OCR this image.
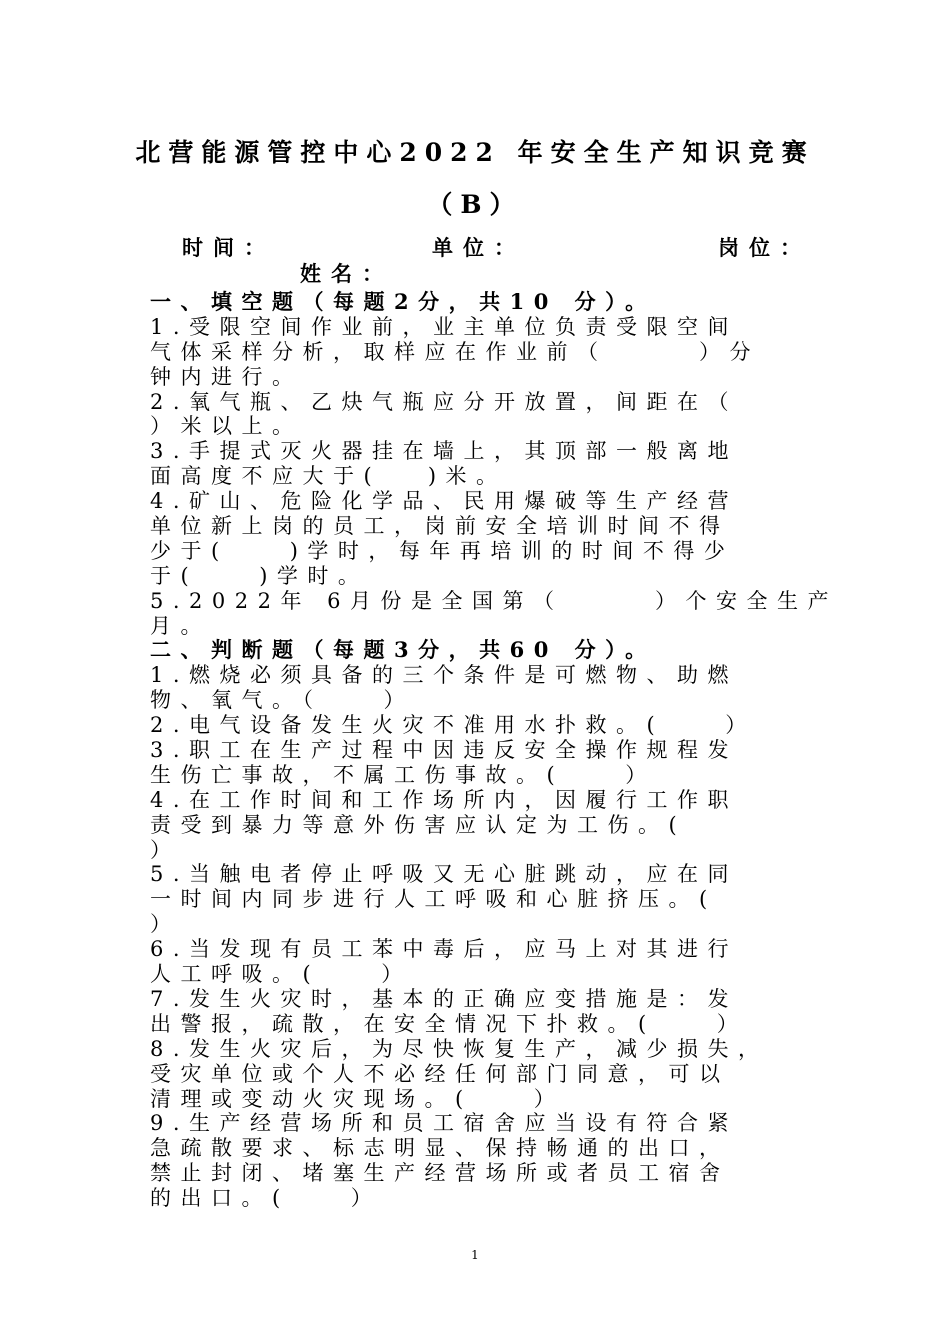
北营能源管控中心2022 年安全生产知识竞赛
（B）
时间：	单位：	岗位：
姓名：
一、填空题（每题2分，共10 分）。
1.受限空间作业前，业主单位负责受限空间
气体采样分析，取样应在作业前（　　　）分
钟内进行。
2.氧气瓶、乙炔气瓶应分开放置，间距在（
）米以上。
3.手提式灭火器挂在墙上，其顶部一般离地
面高度不应大于(　 )米。
4.矿山、危险化学品、民用爆破等生产经营
单位新上岗的员工，岗前安全培训时间不得
少于(　　)学时，每年再培训的时间不得少
于(　　)学时。
5.2022年 6月份是全国第（　　　）个安全生产
月。
二、判断题（每题3分，共60 分）。
1.燃烧必须具备的三个条件是可燃物、助燃
物、氧气。（　　）
2.电气设备发生火灾不准用水扑救。(　　）
3.职工在生产过程中因违反安全操作规程发
生伤亡事故，不属工伤事故。(　　）
4.在工作时间和工作场所内，因履行工作职
责受到暴力等意外伤害应认定为工伤。(
）
5.当触电者停止呼吸又无心脏跳动，应在同
一时间内同步进行人工呼吸和心脏挤压。(
）
6.当发现有员工苯中毒后，应马上对其进行
人工呼吸。(　　）
7.发生火灾时，基本的正确应变措施是：发
出警报，疏散，在安全情况下扑救。(　　）
8.发生火灾后，为尽快恢复生产，减少损失，
受灾单位或个人不必经任何部门同意，可以
清理或变动火灾现场。(　　）
9.生产经营场所和员工宿舍应当设有符合紧
急疏散要求、标志明显、保持畅通的出口，
禁止封闭、堵塞生产经营场所或者员工宿舍
的出口。(　　）
1
